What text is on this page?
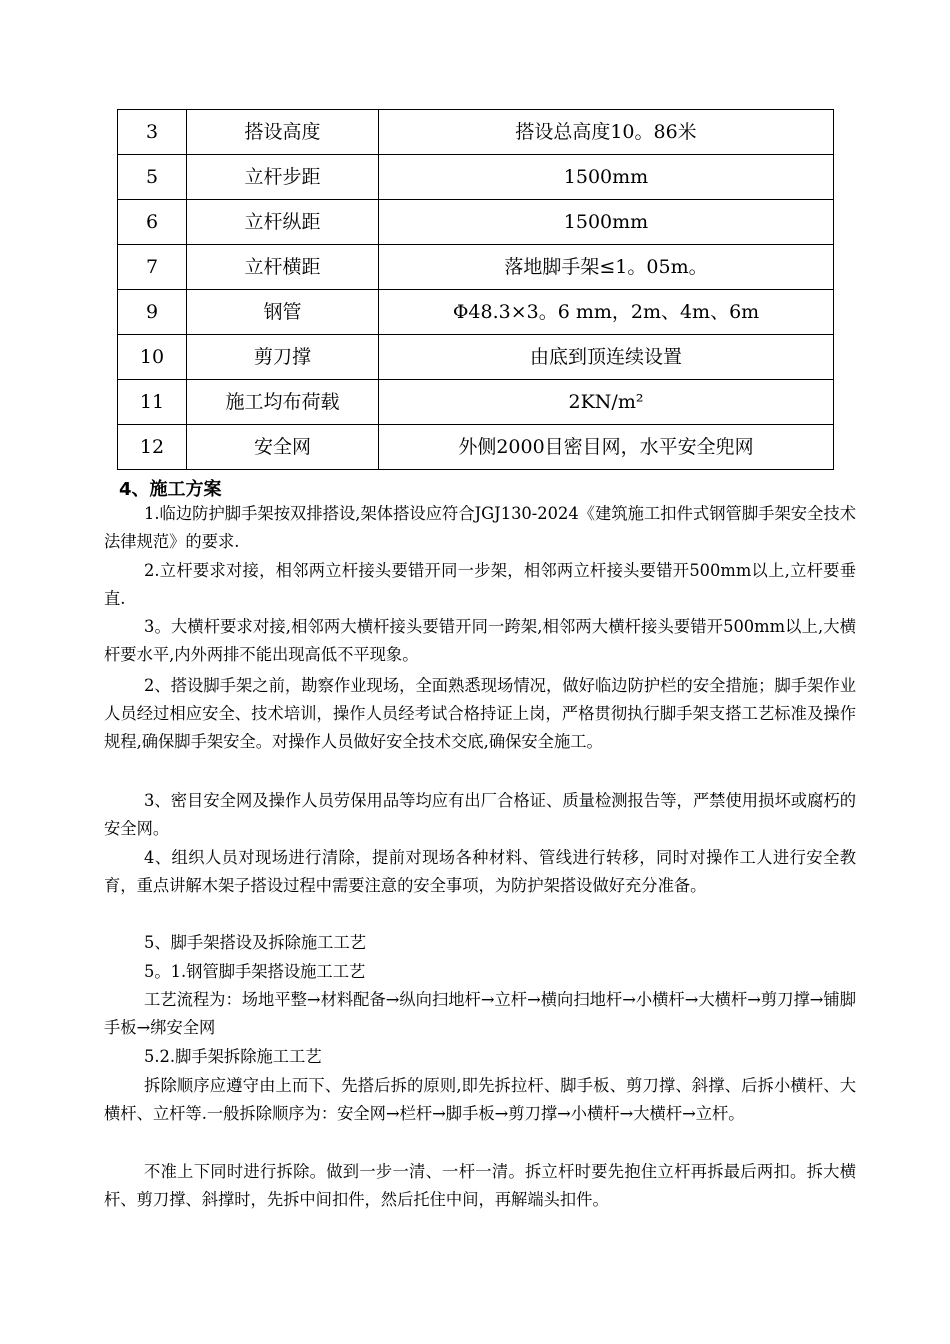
3	搭设高度	搭设总高度10。86米
5	立杆步距	1500mm
6	立杆纵距	1500mm
7	立杆横距	落地脚手架≤1。05m。
9	钢管	Φ48.3×3。6 mm，2m、4m、6m
10	剪刀撑	由底到顶连续设置
11	施工均布荷载	2KN/m²
12	安全网	外侧2000目密目网，水平安全兜网
4、施工方案

1.临边防护脚手架按双排搭设,架体搭设应符合JGJ130-2024《建筑施工扣件式钢管脚手架安全技术法律规范》的要求.

2.立杆要求对接，相邻两立杆接头要错开同一步架，相邻两立杆接头要错开500mm以上,立杆要垂直.

3。大横杆要求对接,相邻两大横杆接头要错开同一跨架,相邻两大横杆接头要错开500mm以上,大横杆要水平,内外两排不能出现高低不平现象。

2、搭设脚手架之前，勘察作业现场，全面熟悉现场情况，做好临边防护栏的安全措施；脚手架作业人员经过相应安全、技术培训，操作人员经考试合格持证上岗，严格贯彻执行脚手架支搭工艺标准及操作规程,确保脚手架安全。对操作人员做好安全技术交底,确保安全施工。

3、密目安全网及操作人员劳保用品等均应有出厂合格证、质量检测报告等，严禁使用损坏或腐朽的安全网。

4、组织人员对现场进行清除，提前对现场各种材料、管线进行转移，同时对操作工人进行安全教育，重点讲解木架子搭设过程中需要注意的安全事项，为防护架搭设做好充分准备。

5、脚手架搭设及拆除施工工艺

5。1.钢管脚手架搭设施工工艺

工艺流程为：场地平整→材料配备→纵向扫地杆→立杆→横向扫地杆→小横杆→大横杆→剪刀撑→铺脚手板→绑安全网

5.2.脚手架拆除施工工艺

拆除顺序应遵守由上而下、先搭后拆的原则,即先拆拉杆、脚手板、剪刀撑、斜撑、后拆小横杆、大横杆、立杆等.一般拆除顺序为：安全网→栏杆→脚手板→剪刀撑→小横杆→大横杆→立杆。

不准上下同时进行拆除。做到一步一清、一杆一清。拆立杆时要先抱住立杆再拆最后两扣。拆大横杆、剪刀撑、斜撑时，先拆中间扣件，然后托住中间，再解端头扣件。
